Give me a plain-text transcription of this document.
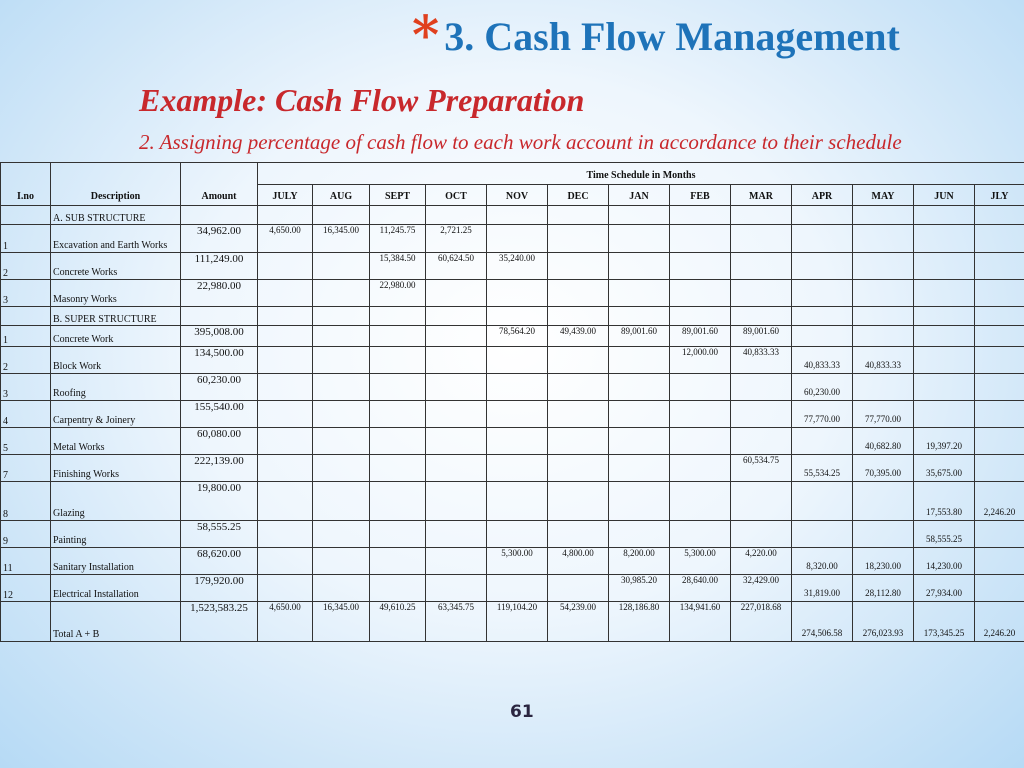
* 3. Cash Flow Management
Example: Cash Flow Preparation
2. Assigning percentage of cash flow to each work account in accordance to their schedule
I.no	Description	Amount	Time Schedule in Months												
			JULY	AUG	SEPT	OCT	NOV	DEC	JAN	FEB	MAR	APR	MAY	JUN	JLY
	A. SUB STRUCTURE														
1	Excavation and Earth Works	34,962.00	4,650.00	16,345.00	11,245.75	2,721.25									
2	Concrete Works	111,249.00			15,384.50	60,624.50	35,240.00								
3	Masonry Works	22,980.00			22,980.00										
	B. SUPER STRUCTURE														
1	Concrete Work	395,008.00					78,564.20	49,439.00	89,001.60	89,001.60	89,001.60				
2	Block Work	134,500.00								12,000.00	40,833.33	40,833.33	40,833.33		
3	Roofing	60,230.00										60,230.00			
4	Carpentry & Joinery	155,540.00										77,770.00	77,770.00		
5	Metal Works	60,080.00											40,682.80	19,397.20	
7	Finishing Works	222,139.00									60,534.75	55,534.25	70,395.00	35,675.00	
8	Glazing	19,800.00												17,553.80	2,246.20
9	Painting	58,555.25												58,555.25	
11	Sanitary Installation	68,620.00					5,300.00	4,800.00	8,200.00	5,300.00	4,220.00	8,320.00	18,230.00	14,230.00	
12	Electrical Installation	179,920.00							30,985.20	28,640.00	32,429.00	31,819.00	28,112.80	27,934.00	
	Total A + B	1,523,583.25	4,650.00	16,345.00	49,610.25	63,345.75	119,104.20	54,239.00	128,186.80	134,941.60	227,018.68	274,506.58	276,023.93	173,345.25	2,246.20
61
